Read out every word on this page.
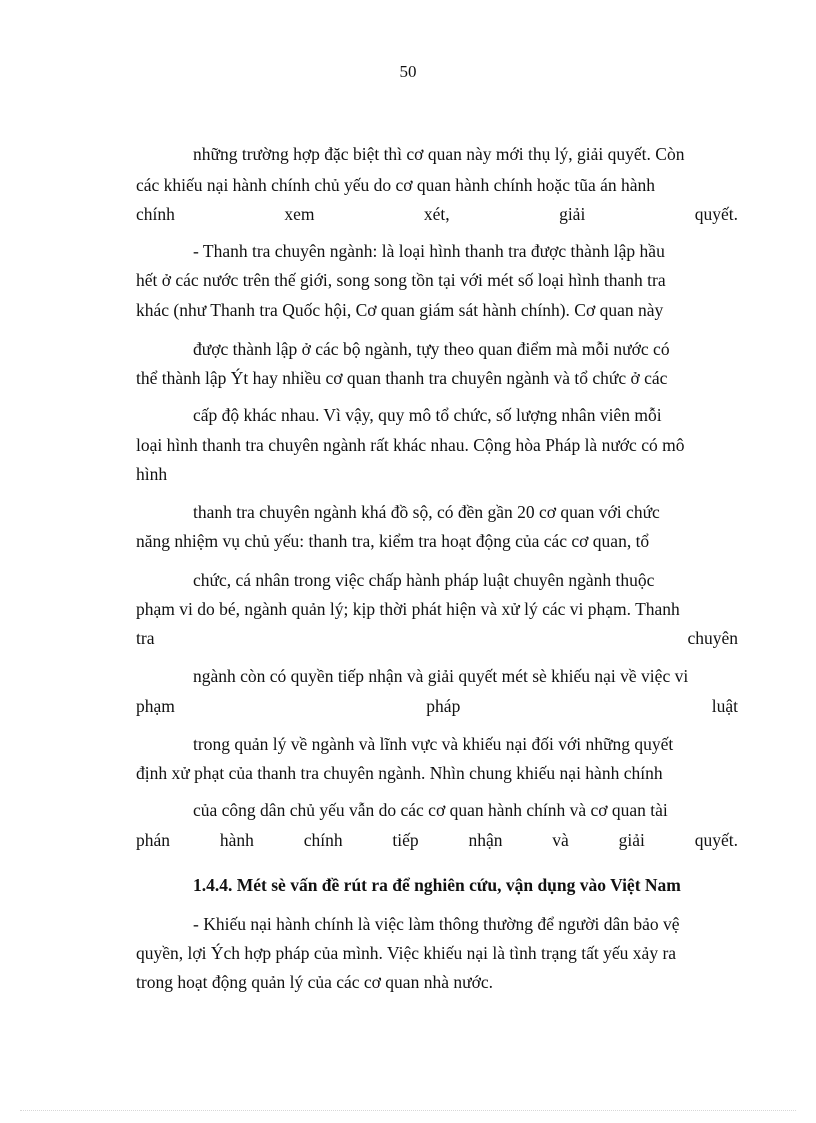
50
những trường hợp đặc biệt thì cơ quan này mới thụ lý, giải quyết. Còn
các khiếu nại hành chính chủ yếu do cơ quan hành chính hoặc tũa án hành
chính	xem	xét,	giải	quyết.
- Thanh tra chuyên ngành: là loại hình thanh tra được thành lập hầu
hết ở các nước trên thế giới, song song tồn tại với mét số loại hình thanh tra
khác (như Thanh tra Quốc hội, Cơ quan giám sát hành chính). Cơ quan này
được thành lập ở các bộ ngành, tựy theo quan điểm mà mỗi nước có
thể thành lập Ýt hay nhiều cơ quan thanh tra chuyên ngành và tổ chức ở các
cấp độ khác nhau. Vì vậy, quy mô tổ chức, số lượng nhân viên mỗi
loại hình thanh tra chuyên ngành rất khác nhau. Cộng hòa Pháp là nước có mô
hình
thanh tra chuyên ngành khá đồ sộ, có đền gần 20 cơ quan với chức
năng nhiệm vụ chủ yếu: thanh tra, kiểm tra hoạt động của các cơ quan, tổ
chức, cá nhân trong việc chấp hành pháp luật chuyên ngành thuộc
phạm vi do bé, ngành quản lý; kịp thời phát hiện và xử lý các vi phạm. Thanh
tra	chuyên
ngành còn có quyền tiếp nhận và giải quyết mét sè khiếu nại về việc vi
phạm	pháp	luật
trong quản lý về ngành và lĩnh vực và khiếu nại đối với những quyết
định xử phạt của thanh tra chuyên ngành. Nhìn chung khiếu nại hành chính
của công dân chủ yếu vẫn do các cơ quan hành chính và cơ quan tài
phán	hành	chính	tiếp	nhận	và	giải	quyết.
1.4.4. Mét sè vấn đề rút ra để nghiên cứu, vận dụng vào Việt Nam
- Khiếu nại hành chính là việc làm thông thường để người dân bảo vệ
quyền, lợi Ých hợp pháp của mình. Việc khiếu nại là tình trạng tất yếu xảy ra
trong hoạt động quản lý của các cơ quan nhà nước.
